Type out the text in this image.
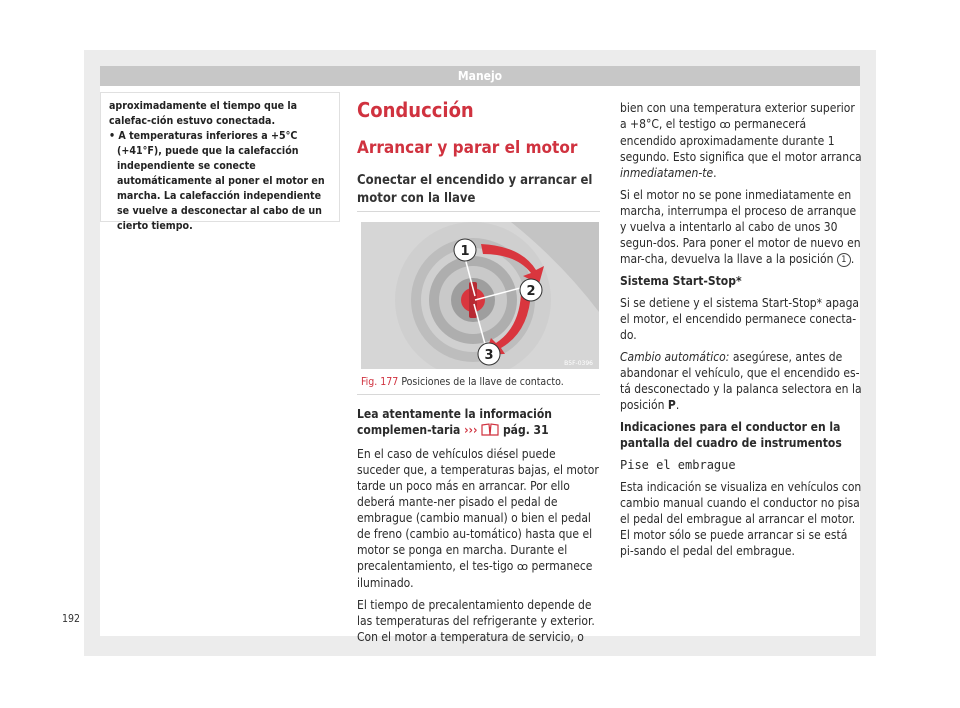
Manejo

aproximadamente el tiempo que la calefac-ción estuvo conectada.

• A temperaturas inferiores a +5°C (+41°F), puede que la calefacción independiente se conecte automáticamente al poner el motor en marcha. La calefacción independiente se vuelve a desconectar al cabo de un cierto tiempo.

Conducción
Arrancar y parar el motor
Conectar el encendido y arrancar el motor con la llave
1
2
3
B5F-0396
Fig. 177 Posiciones de la llave de contacto.

Lea atentamente la información complemen-taria ››› ! pág. 31

En el caso de vehículos diésel puede suceder que, a temperaturas bajas, el motor tarde un poco más en arrancar. Por ello deberá mante-ner pisado el pedal de embrague (cambio manual) o bien el pedal de freno (cambio au-tomático) hasta que el motor se ponga en marcha. Durante el precalentamiento, el tes-tigo ꝏ permanece iluminado.

El tiempo de precalentamiento depende de las temperaturas del refrigerante y exterior. Con el motor a temperatura de servicio, o

bien con una temperatura exterior superior a +8°C, el testigo ꝏ permanecerá encendido aproximadamente durante 1 segundo. Esto significa que el motor arranca inmediatamen-te.

Si el motor no se pone inmediatamente en marcha, interrumpa el proceso de arranque y vuelva a intentarlo al cabo de unos 30 segun-dos. Para poner el motor de nuevo en mar-cha, devuelva la llave a la posición 1 .

Sistema Start-Stop*

Si se detiene y el sistema Start-Stop* apaga el motor, el encendido permanece conecta-do.

Cambio automático: asegúrese, antes de abandonar el vehículo, que el encendido es-tá desconectado y la palanca selectora en la posición P.

Indicaciones para el conductor en la pantalla del cuadro de instrumentos

Pise el embrague

Esta indicación se visualiza en vehículos con cambio manual cuando el conductor no pisa el pedal del embrague al arrancar el motor. El motor sólo se puede arrancar si se está pi-sando el pedal del embrague.

192
